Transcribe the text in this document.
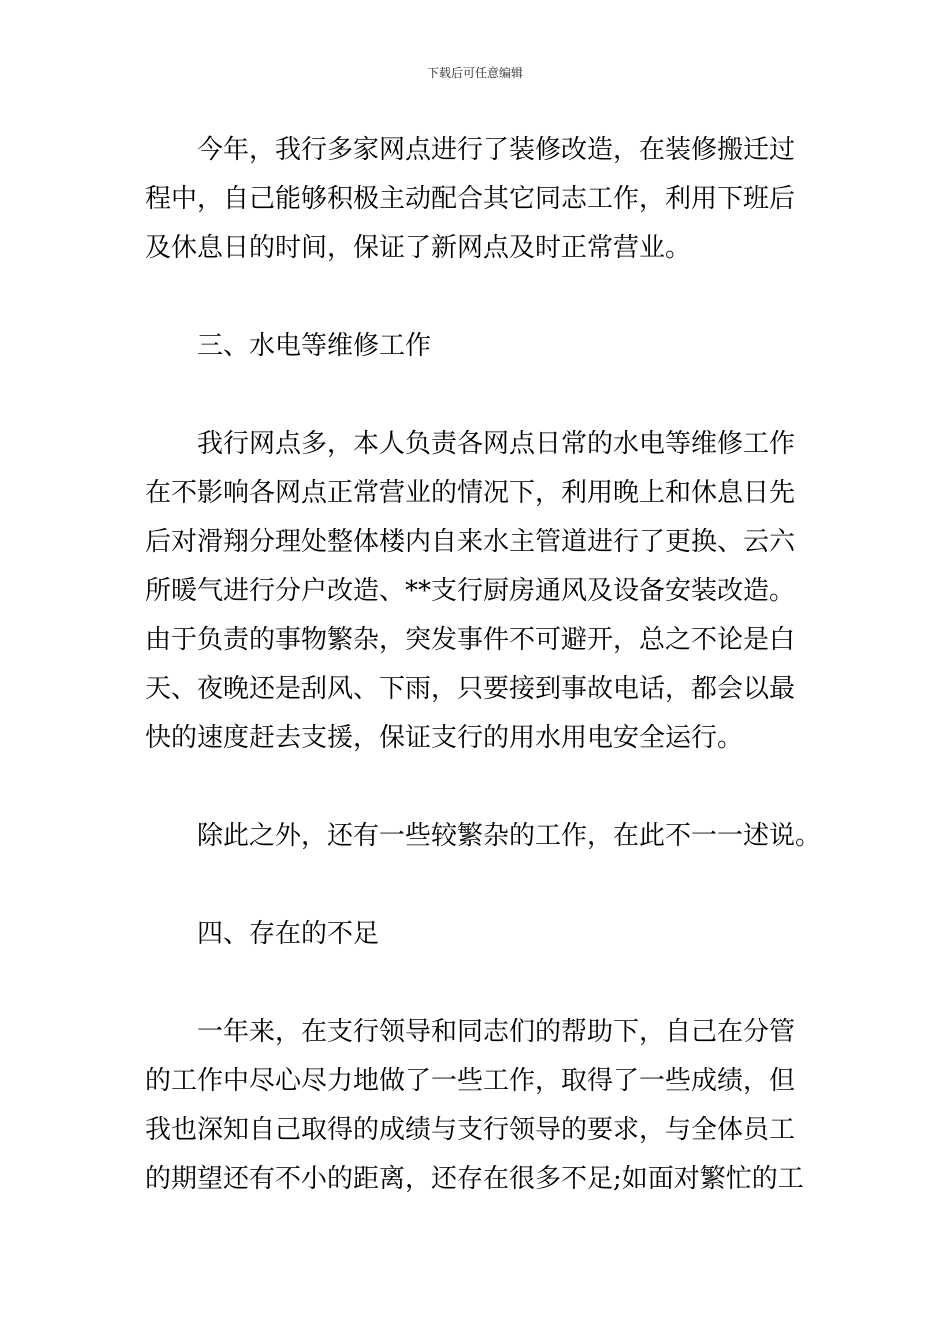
下载后可任意编辑
今年，我行多家网点进行了装修改造，在装修搬迁过
程中，自己能够积极主动配合其它同志工作，利用下班后
及休息日的时间，保证了新网点及时正常营业。
三、水电等维修工作
我行网点多，本人负责各网点日常的水电等维修工作
在不影响各网点正常营业的情况下，利用晚上和休息日先
后对滑翔分理处整体楼内自来水主管道进行了更换、云六
所暖气进行分户改造、**支行厨房通风及设备安装改造。
由于负责的事物繁杂，突发事件不可避开，总之不论是白
天、夜晚还是刮风、下雨，只要接到事故电话，都会以最
快的速度赶去支援，保证支行的用水用电安全运行。
除此之外，还有一些较繁杂的工作，在此不一一述说。
四、存在的不足
一年来，在支行领导和同志们的帮助下，自己在分管
的工作中尽心尽力地做了一些工作，取得了一些成绩，但
我也深知自己取得的成绩与支行领导的要求，与全体员工
的期望还有不小的距离，还存在很多不足;如面对繁忙的工
